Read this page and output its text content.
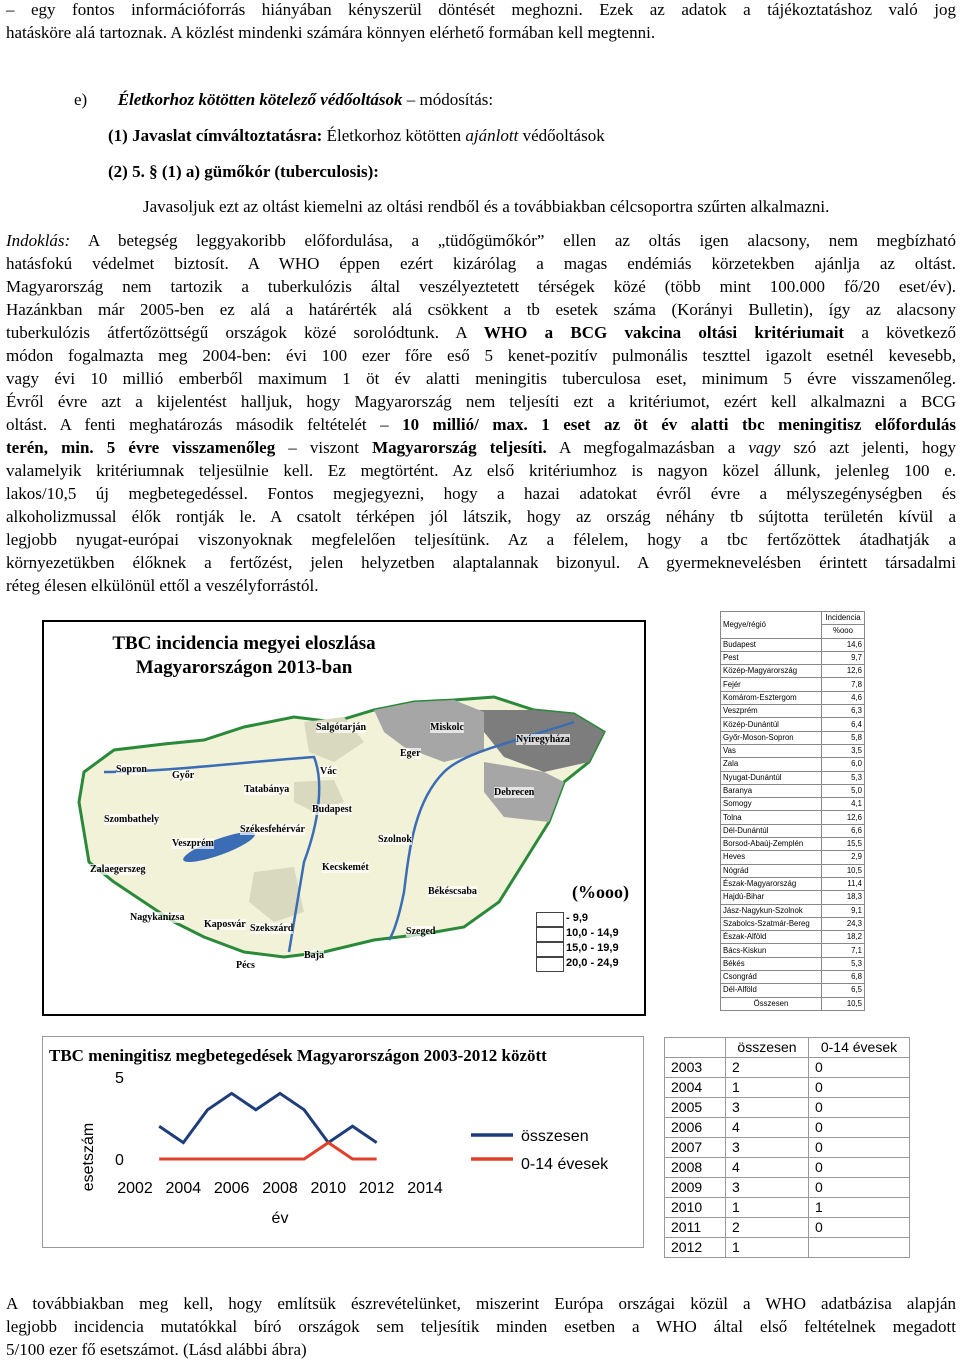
– egy fontos információforrás hiányában kényszerül döntését meghozni. Ezek az adatok a tájékoztatáshoz való jog
hatásköre alá tartoznak. A közlést mindenki számára könnyen elérhető formában kell megtenni.
e) Életkorhoz kötötten kötelező védőoltások – módosítás:
(1) Javaslat címváltoztatásra: Életkorhoz kötötten ajánlott védőoltások
(2) 5. § (1) a) gümőkór (tuberculosis):
Javasoljuk ezt az oltást kiemelni az oltási rendből és a továbbiakban célcsoportra szűrten alkalmazni.
Indoklás: A betegség leggyakoribb előfordulása, a „tüdőgümőkór” ellen az oltás igen alacsony, nem megbízható
hatásfokú védelmet biztosít. A WHO éppen ezért kizárólag a magas endémiás körzetekben ajánlja az oltást.
Magyarország nem tartozik a tuberkulózis által veszélyeztetett térségek közé (több mint 100.000 fő/20 eset/év).
Hazánkban már 2005-ben ez alá a határérték alá csökkent a tb esetek száma (Korányi Bulletin), így az alacsony
tuberkulózis átfertőzöttségű országok közé sorolódtunk. A WHO a BCG vakcina oltási kritériumait a következő
módon fogalmazta meg 2004-ben: évi 100 ezer főre eső 5 kenet-pozitív pulmonális teszttel igazolt esetnél kevesebb,
vagy évi 10 millió emberből maximum 1 öt év alatti meningitis tuberculosa eset, minimum 5 évre visszamenőleg.
Évről évre azt a kijelentést halljuk, hogy Magyarország nem teljesíti ezt a kritériumot, ezért kell alkalmazni a BCG
oltást. A fenti meghatározás második feltételét – 10 millió/ max. 1 eset az öt év alatti tbc meningitisz előfordulás
terén, min. 5 évre visszamenőleg – viszont Magyarország teljesíti. A megfogalmazásban a vagy szó azt jelenti, hogy
valamelyik kritériumnak teljesülnie kell. Ez megtörtént. Az első kritériumhoz is nagyon közel állunk, jelenleg 100 e.
lakos/10,5 új megbetegedéssel. Fontos megjegyezni, hogy a hazai adatokat évről évre a mélyszegénységben és
alkoholizmussal élők rontják le. A csatolt térképen jól látszik, hogy az ország néhány tb sújtotta területén kívül a
legjobb nyugat-európai viszonyoknak megfelelően teljesítünk. Az a félelem, hogy a tbc fertőzöttek átadhatják a
környezetükben élőknek a fertőzést, jelen helyzetben alaptalannak bizonyul. A gyermeknevelésben érintett társadalmi
réteg élesen elkülönül ettől a veszélyforrástól.
TBC incidencia megyei eloszlása
Magyarországon 2013-ban
Salgótarján	Miskolc
Nyíregyháza
Sopron
Győr
Eger
Vác
Tatabánya	Debrecen
Budapest
Szombathely
Székesfehérvár
Szolnok
Veszprém
Zalaegerszeg	Kecskemét
Békéscsaba
Nagykanizsa
Kaposvár Szekszárd	Szeged
Pécs
Baja
(%ooo)
- 9,9
10,0 - 14,9
15,0 - 19,9
20,0 - 24,9
Megye/régió	Incidencia
	%ooo
Budapest	14,6
Pest	9,7
Közép-Magyarország	12,6
Fejér	7,8
Komárom-Esztergom	4,6
Veszprém	6,3
Közép-Dunántúl	6,4
Győr-Moson-Sopron	5,8
Vas	3,5
Zala	6,0
Nyugat-Dunántúl	5,3
Baranya	5,0
Somogy	4,1
Tolna	12,6
Dél-Dunántúl	6,6
Borsod-Abaúj-Zemplén	15,5
Heves	2,9
Nógrád	10,5
Észak-Magyarország	11,4
Hajdú-Bihar	18,3
Jász-Nagykun-Szolnok	9,1
Szabolcs-Szatmár-Bereg	24,3
Észak-Alföld	18,2
Bács-Kiskun	7,1
Békés	5,3
Csongrád	6,8
Dél-Alföld	6,5
Összesen	10,5
TBC meningitisz megbetegedések Magyarországon 2003-2012 között
esetszám
év
0
5
2002 2004 2006 2008 2010 2012 2014
összesen
0-14 évesek
	összesen	0-14 évesek
2003	2	0
2004	1	0
2005	3	0
2006	4	0
2007	3	0
2008	4	0
2009	3	0
2010	1	1
2011	2	0
2012	1	
A továbbiakban meg kell, hogy említsük észrevételünket, miszerint Európa országai közül a WHO adatbázisa alapján
legjobb incidencia mutatókkal bíró országok sem teljesítik minden esetben a WHO által első feltételnek megadott
5/100 ezer fő esetszámot. (Lásd alábbi ábra)
